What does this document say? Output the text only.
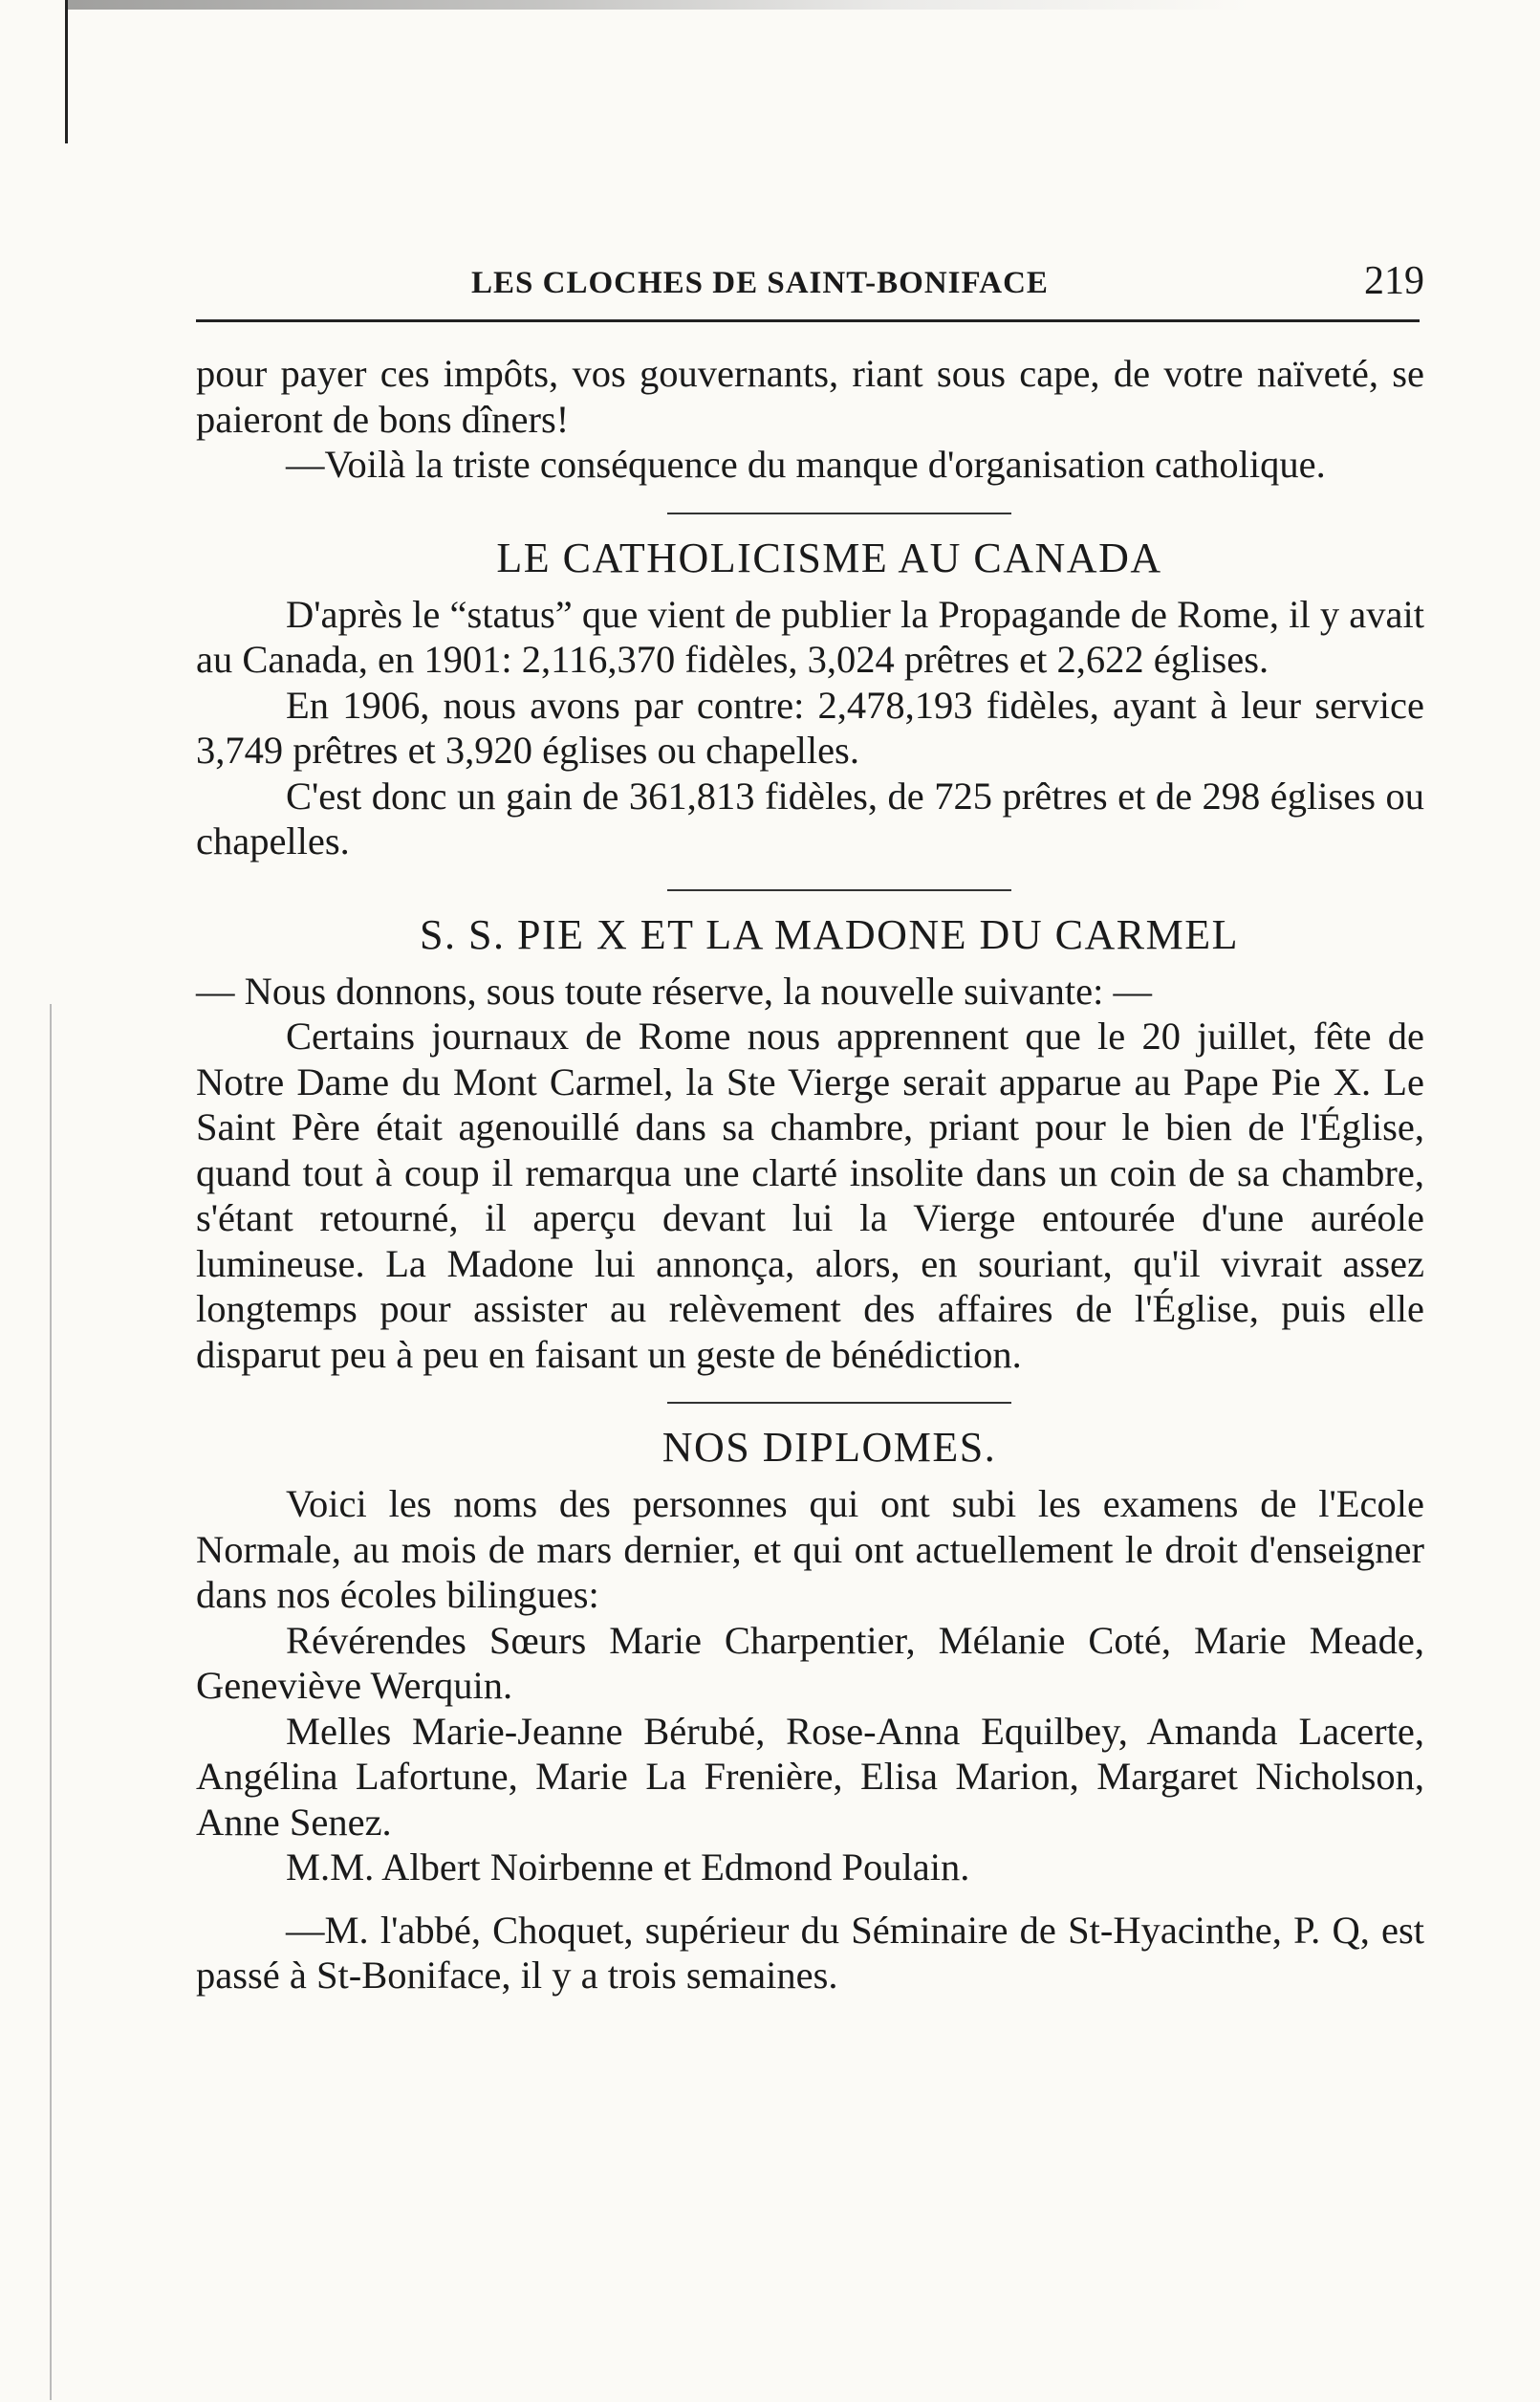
LES CLOCHES DE SAINT-BONIFACE	219

pour payer ces impôts, vos gouvernants, riant sous cape, de votre naïveté, se paieront de bons dîners!

—Voilà la triste conséquence du manque d'organisation catholique.

LE CATHOLICISME AU CANADA

D'après le “status” que vient de publier la Propagande de Rome, il y avait au Canada, en 1901: 2,116,370 fidèles, 3,024 prêtres et 2,622 églises.

En 1906, nous avons par contre: 2,478,193 fidèles, ayant à leur service 3,749 prêtres et 3,920 églises ou chapelles.

C'est donc un gain de 361,813 fidèles, de 725 prêtres et de 298 églises ou chapelles.

S. S. PIE X ET LA MADONE DU CARMEL

— Nous donnons, sous toute réserve, la nouvelle suivante: —

Certains journaux de Rome nous apprennent que le 20 juillet, fête de Notre Dame du Mont Carmel, la Ste Vierge serait apparue au Pape Pie X. Le Saint Père était agenouillé dans sa chambre, priant pour le bien de l'Église, quand tout à coup il remarqua une clarté insolite dans un coin de sa chambre, s'étant retourné, il aperçu devant lui la Vierge entourée d'une auréole lumineuse. La Madone lui annonça, alors, en souriant, qu'il vivrait assez longtemps pour assister au relèvement des affaires de l'Église, puis elle disparut peu à peu en faisant un geste de bénédiction.

NOS DIPLOMES.

Voici les noms des personnes qui ont subi les examens de l'Ecole Normale, au mois de mars dernier, et qui ont actuellement le droit d'enseigner dans nos écoles bilingues:

Révérendes Sœurs Marie Charpentier, Mélanie Coté, Marie Meade, Geneviève Werquin.

Melles Marie-Jeanne Bérubé, Rose-Anna Equilbey, Amanda Lacerte, Angélina Lafortune, Marie La Frenière, Elisa Marion, Margaret Nicholson, Anne Senez.

M.M. Albert Noirbenne et Edmond Poulain.

—M. l'abbé, Choquet, supérieur du Séminaire de St-Hyacinthe, P. Q, est passé à St-Boniface, il y a trois semaines.
